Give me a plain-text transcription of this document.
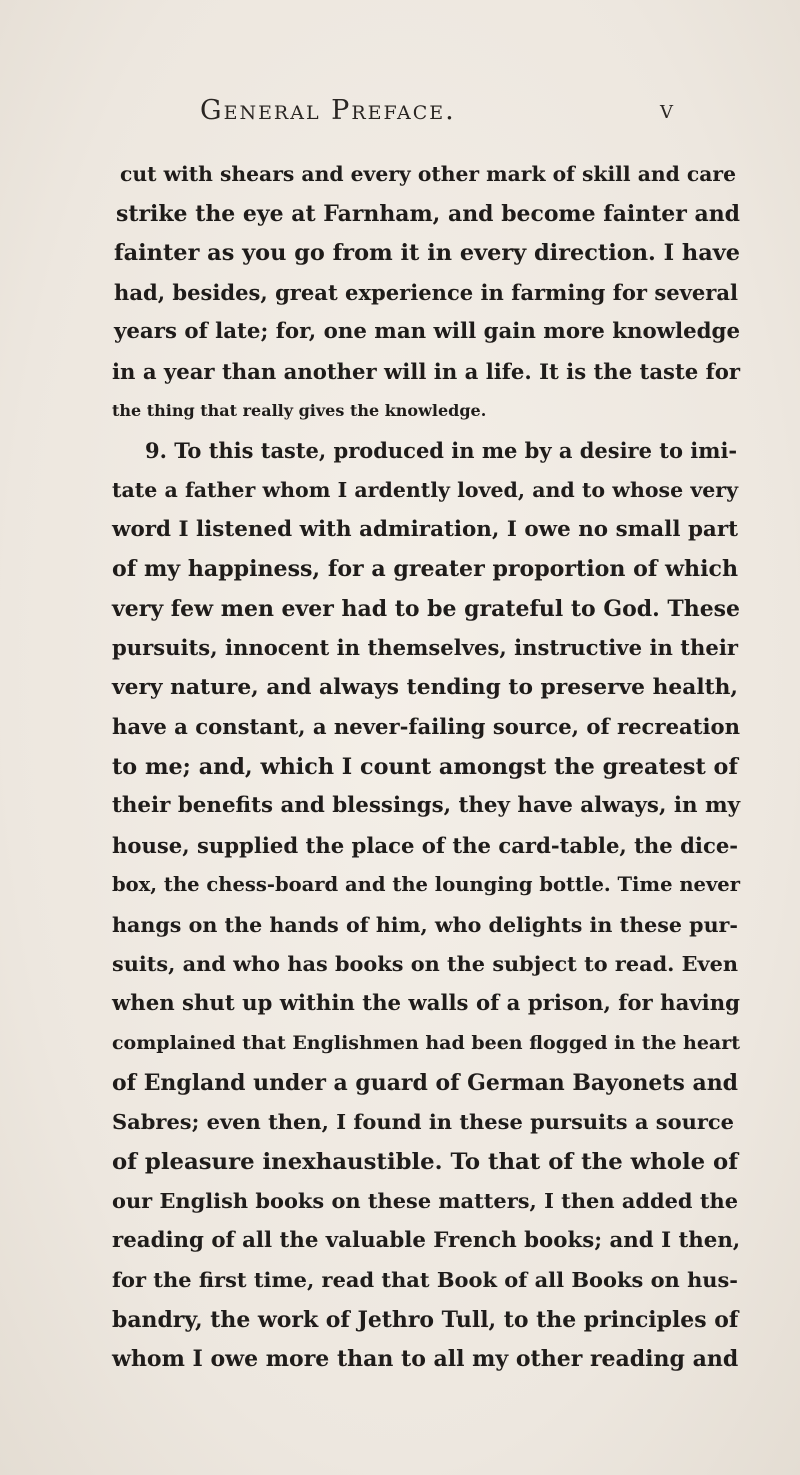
General Preface.	v
cut with shears and every other mark of skill and care
strike the eye at Farnham, and become fainter and
fainter as you go from it in every direction. I have
had, besides, great experience in farming for several
years of late; for, one man will gain more knowledge
in a year than another will in a life. It is the taste for
the thing that really gives the knowledge.
9. To this taste, produced in me by a desire to imi-
tate a father whom I ardently loved, and to whose very
word I listened with admiration, I owe no small part
of my happiness, for a greater proportion of which
very few men ever had to be grateful to God. These
pursuits, innocent in themselves, instructive in their
very nature, and always tending to preserve health,
have a constant, a never-failing source, of recreation
to me; and, which I count amongst the greatest of
their benefits and blessings, they have always, in my
house, supplied the place of the card-table, the dice-
box, the chess-board and the lounging bottle. Time never
hangs on the hands of him, who delights in these pur-
suits, and who has books on the subject to read. Even
when shut up within the walls of a prison, for having
complained that Englishmen had been flogged in the heart
of England under a guard of German Bayonets and
Sabres; even then, I found in these pursuits a source
of pleasure inexhaustible. To that of the whole of
our English books on these matters, I then added the
reading of all the valuable French books; and I then,
for the first time, read that Book of all Books on hus-
bandry, the work of Jethro Tull, to the principles of
whom I owe more than to all my other reading and
